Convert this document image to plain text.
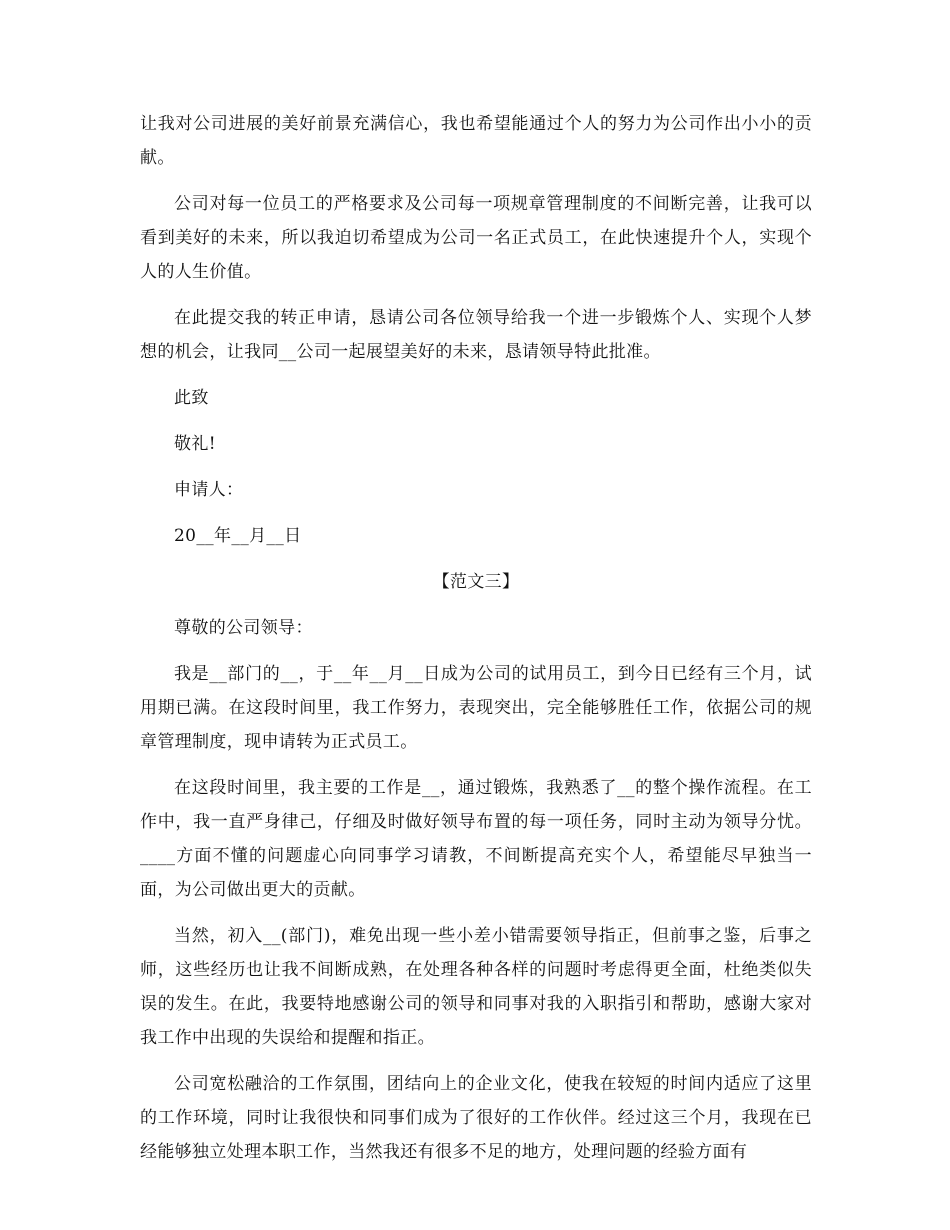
让我对公司进展的美好前景充满信心，我也希望能通过个人的努力为公司作出小小的贡献。

公司对每一位员工的严格要求及公司每一项规章管理制度的不间断完善，让我可以看到美好的未来，所以我迫切希望成为公司一名正式员工，在此快速提升个人，实现个人的人生价值。

在此提交我的转正申请，恳请公司各位领导给我一个进一步锻炼个人、实现个人梦想的机会，让我同__公司一起展望美好的未来，恳请领导特此批准。

此致

敬礼!

申请人：

20__年__月__日

【范文三】

尊敬的公司领导：

我是__部门的__，于__年__月__日成为公司的试用员工，到今日已经有三个月，试用期已满。在这段时间里，我工作努力，表现突出，完全能够胜任工作，依据公司的规章管理制度，现申请转为正式员工。

在这段时间里，我主要的工作是__，通过锻炼，我熟悉了__的整个操作流程。在工作中，我一直严身律己，仔细及时做好领导布置的每一项任务，同时主动为领导分忧。____方面不懂的问题虚心向同事学习请教，不间断提高充实个人，希望能尽早独当一面，为公司做出更大的贡献。

当然，初入__(部门)，难免出现一些小差小错需要领导指正，但前事之鉴，后事之师，这些经历也让我不间断成熟，在处理各种各样的问题时考虑得更全面，杜绝类似失误的发生。在此，我要特地感谢公司的领导和同事对我的入职指引和帮助，感谢大家对我工作中出现的失误给和提醒和指正。

公司宽松融洽的工作氛围，团结向上的企业文化，使我在较短的时间内适应了这里的工作环境，同时让我很快和同事们成为了很好的工作伙伴。经过这三个月，我现在已经能够独立处理本职工作，当然我还有很多不足的地方，处理问题的经验方面有
